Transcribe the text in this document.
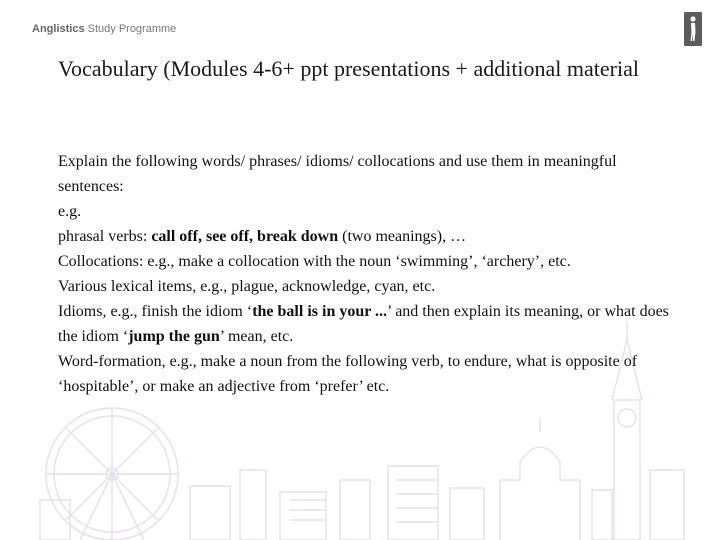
Anglistics Study Programme
Vocabulary (Modules 4-6+ ppt presentations + additional material

Explain the following words/ phrases/ idioms/ collocations and use them in meaningful sentences:

e.g.

phrasal verbs: call off, see off, break down (two meanings), …

Collocations: e.g., make a collocation with the noun ‘swimming’, ‘archery’, etc.

Various lexical items, e.g., plague, acknowledge, cyan, etc.

Idioms, e.g., finish the idiom ‘the ball is in your ...’ and then explain its meaning, or what does the idiom ‘jump the gun’ mean, etc.

Word-formation, e.g., make a noun from the following verb, to endure, what is opposite of ‘hospitable’, or make an adjective from ‘prefer’ etc.
